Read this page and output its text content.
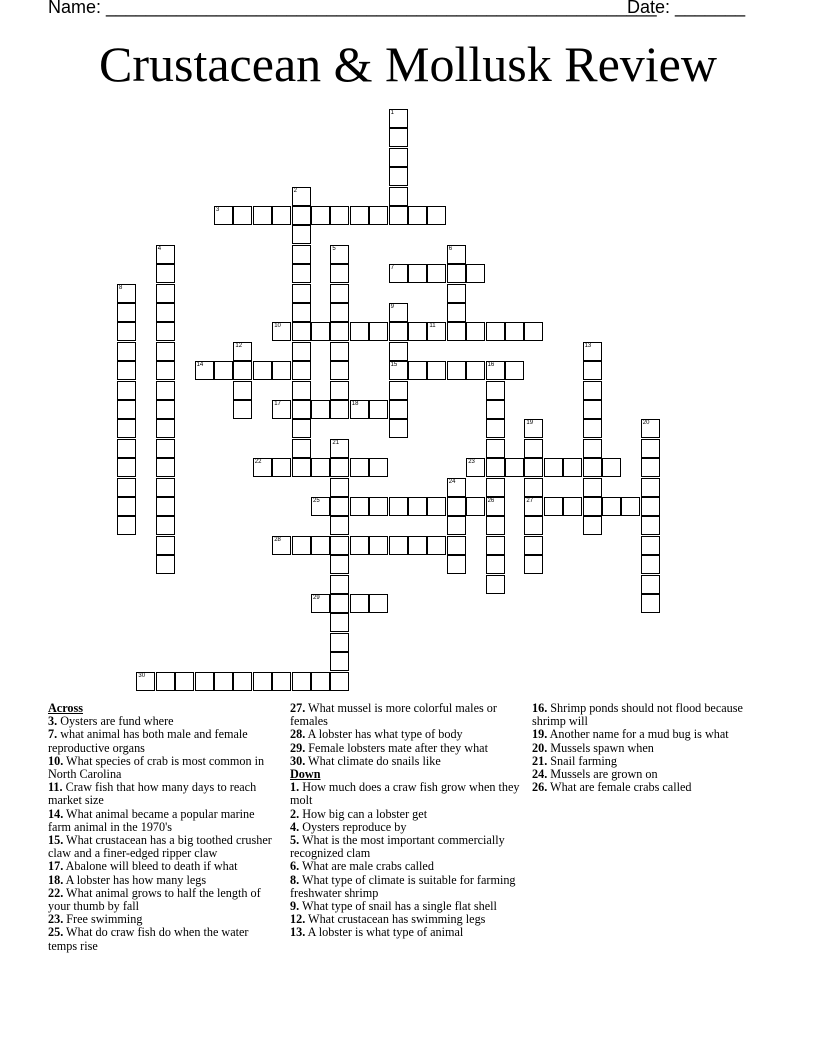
Name: _______________________________________________________
Date: _______
Crustacean & Mollusk Review
1
2
3
4	5	6
7
8
9
10	11
12	13
14	15	16
17	18
19	20
21
22	23
24
25	26	27
28
29
30
Across
3. Oysters are fund where
7. what animal has both male and female reproductive organs
10. What species of crab is most common in North Carolina
11. Craw fish that how many days to reach market size
14. What animal became a popular marine farm animal in the 1970's
15. What crustacean has a big toothed crusher claw and a finer-edged ripper claw
17. Abalone will bleed to death if what
18. A lobster has how many legs
22. What animal grows to half the length of your thumb by fall
23. Free swimming
25. What do craw fish do when the water temps rise
27. What mussel is more colorful males or females
28. A lobster has what type of body
29. Female lobsters mate after they what
30. What climate do snails like
Down
1. How much does a craw fish grow when they molt
2. How big can a lobster get
4. Oysters reproduce by
5. What is the most important commercially recognized clam
6. What are male crabs called
8. What type of climate is suitable for farming freshwater shrimp
9. What type of snail has a single flat shell
12. What crustacean has swimming legs
13. A lobster is what type of animal
16. Shrimp ponds should not flood because shrimp will
19. Another name for a mud bug is what
20. Mussels spawn when
21. Snail farming
24. Mussels are grown on
26. What are female crabs called
